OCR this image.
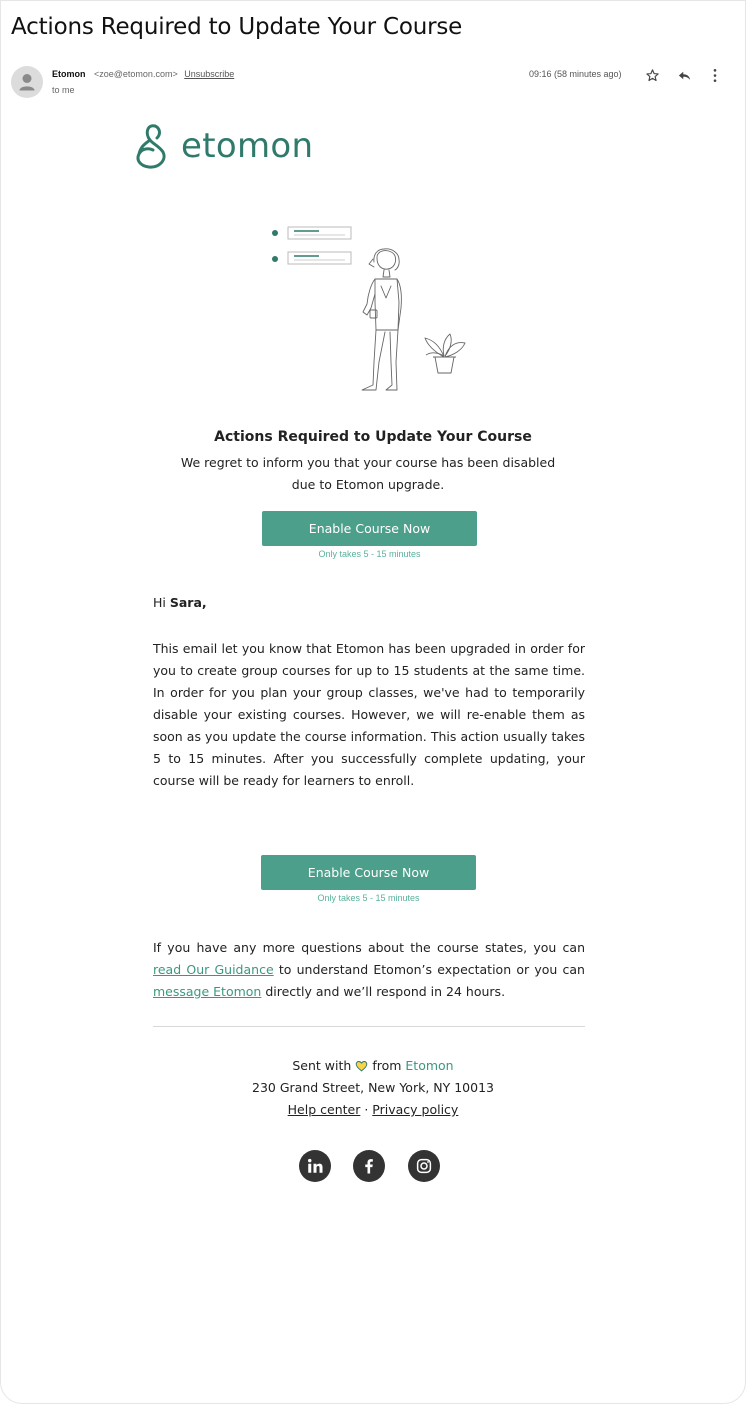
Actions Required to Update Your Course
Etomon <zoe@etomon.com> Unsubscribe
to me
09:16 (58 minutes ago)
etomon
Actions Required to Update Your Course
We regret to inform you that your course has been disabled due to Etomon upgrade.
Enable Course Now
Only takes 5 - 15 minutes
Hi Sara,
This email let you know that Etomon has been upgraded in order for you to create group courses for up to 15 students at the same time. In order for you plan your group classes, we've had to temporarily disable your existing courses. However, we will re-enable them as soon as you update the course information. This action usually takes 5 to 15 minutes. After you successfully complete updating, your course will be ready for learners to enroll.
Enable Course Now
Only takes 5 - 15 minutes
If you have any more questions about the course states, you can read Our Guidance to understand Etomon’s expectation or you can message Etomon directly and we’ll respond in 24 hours.
Sent with from Etomon
230 Grand Street, New York, NY 10013
Help center · Privacy policy
